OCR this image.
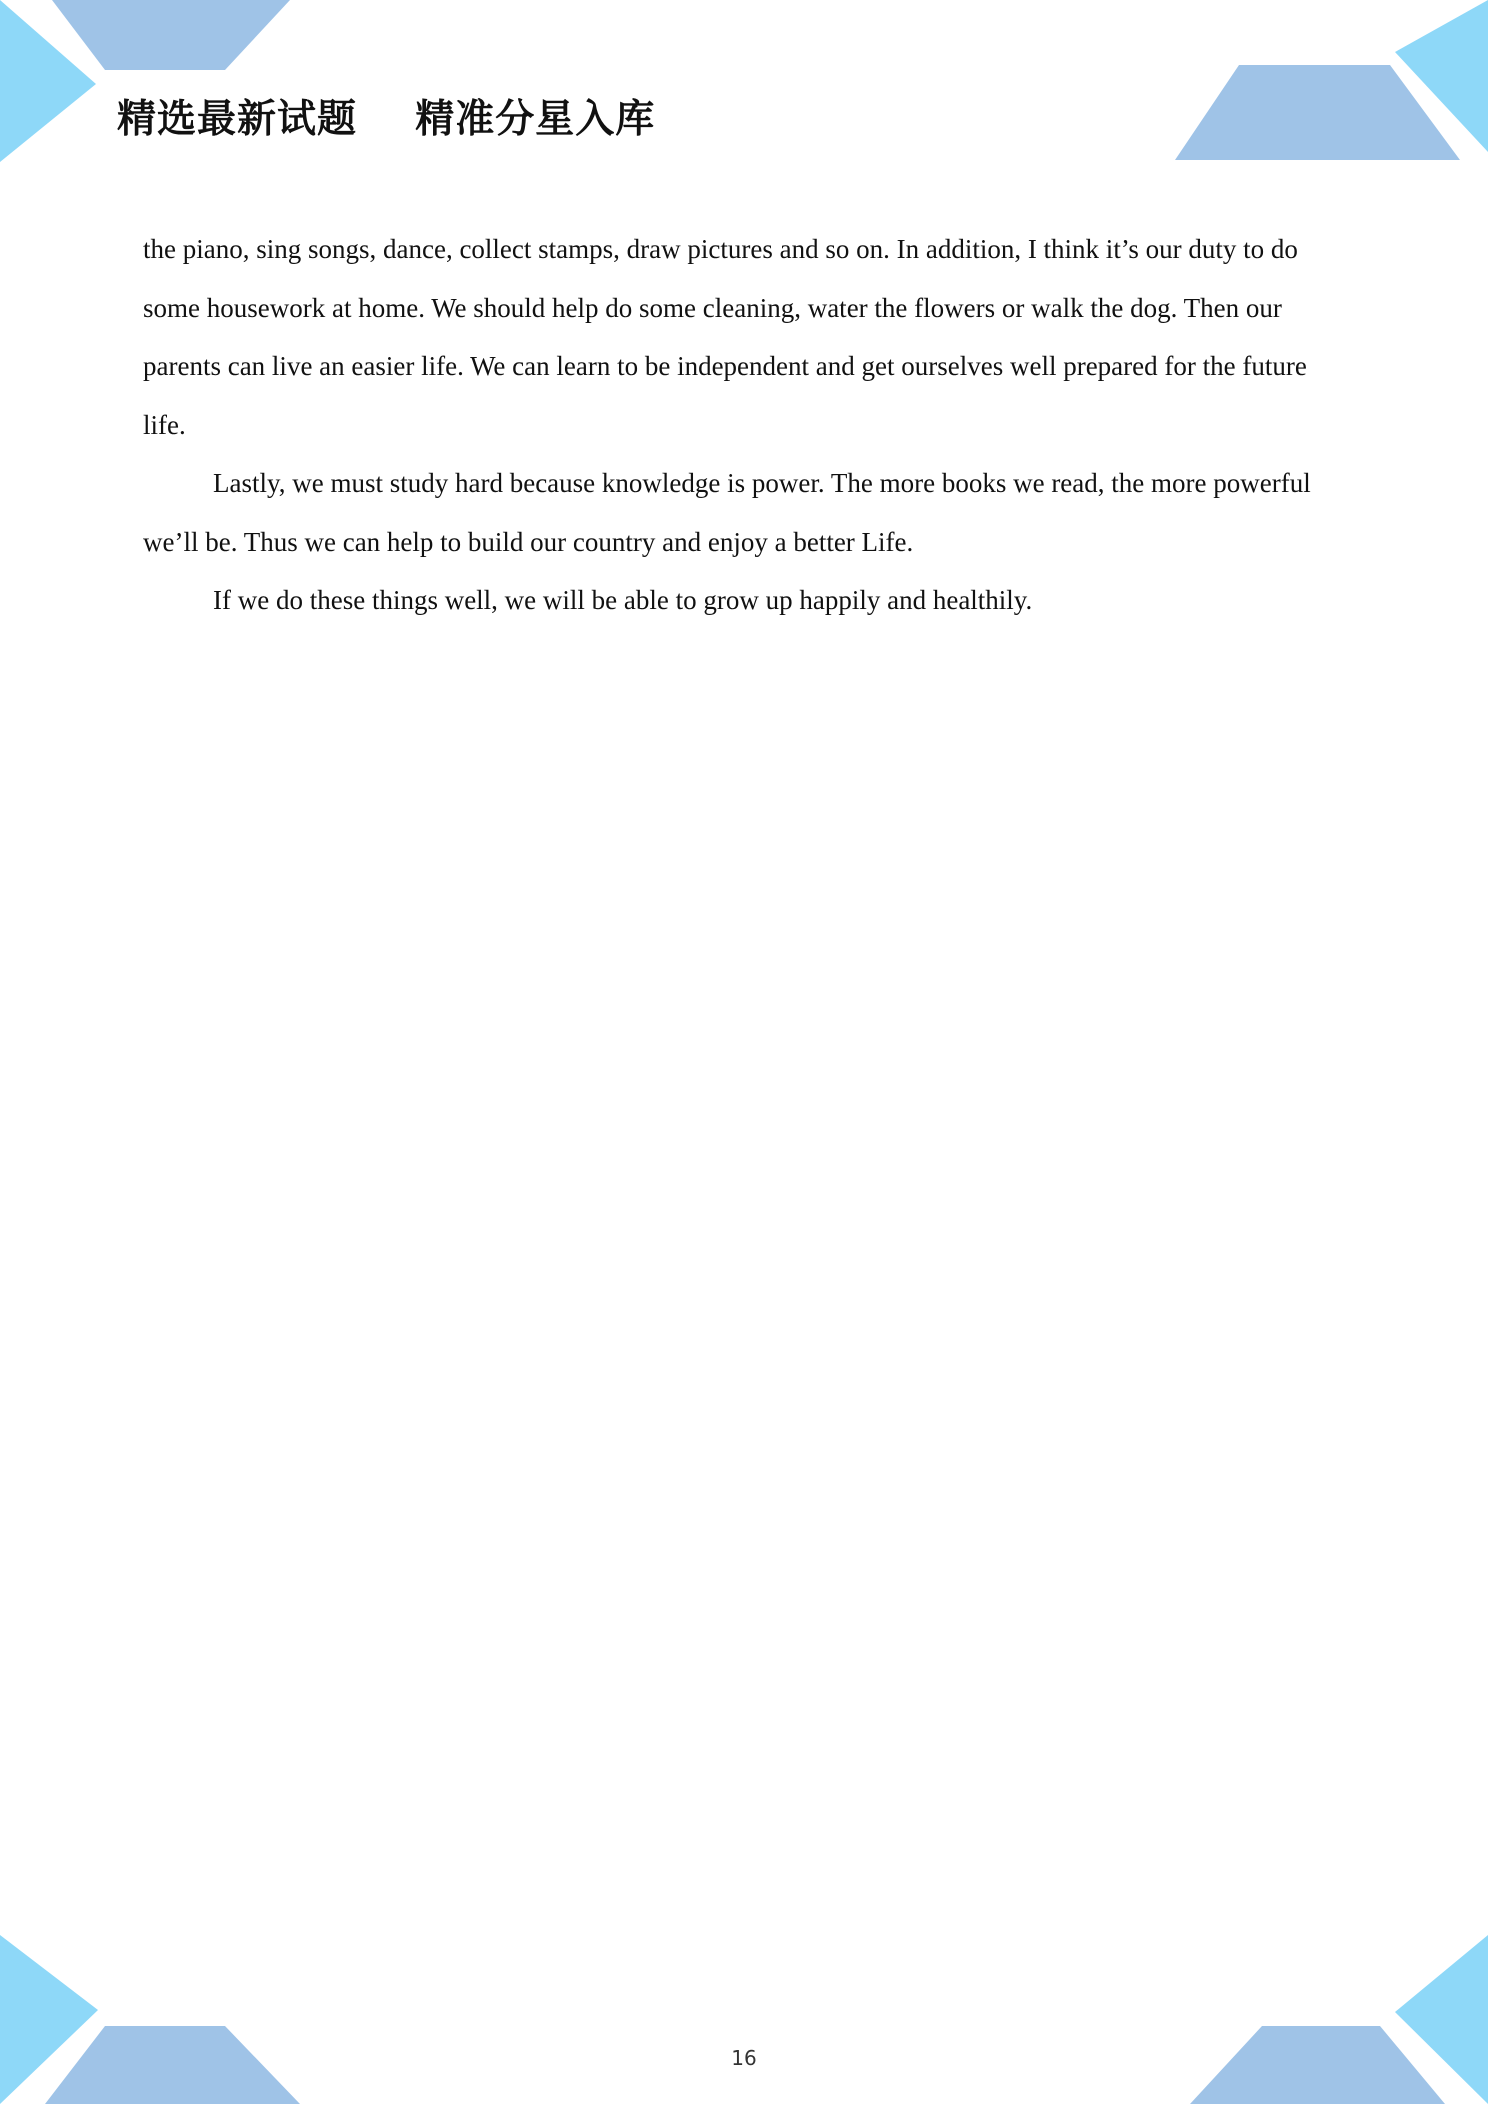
精选最新试题    精准分星入库

the piano, sing songs, dance, collect stamps, draw pictures and so on. In addition, I think it’s our duty to do some housework at home. We should help do some cleaning, water the flowers or walk the dog. Then our parents can live an easier life. We can learn to be independent and get ourselves well prepared for the future life.

Lastly, we must study hard because knowledge is power. The more books we read, the more powerful we’ll be. Thus we can help to build our country and enjoy a better Life.

If we do these things well, we will be able to grow up happily and healthily.

16
